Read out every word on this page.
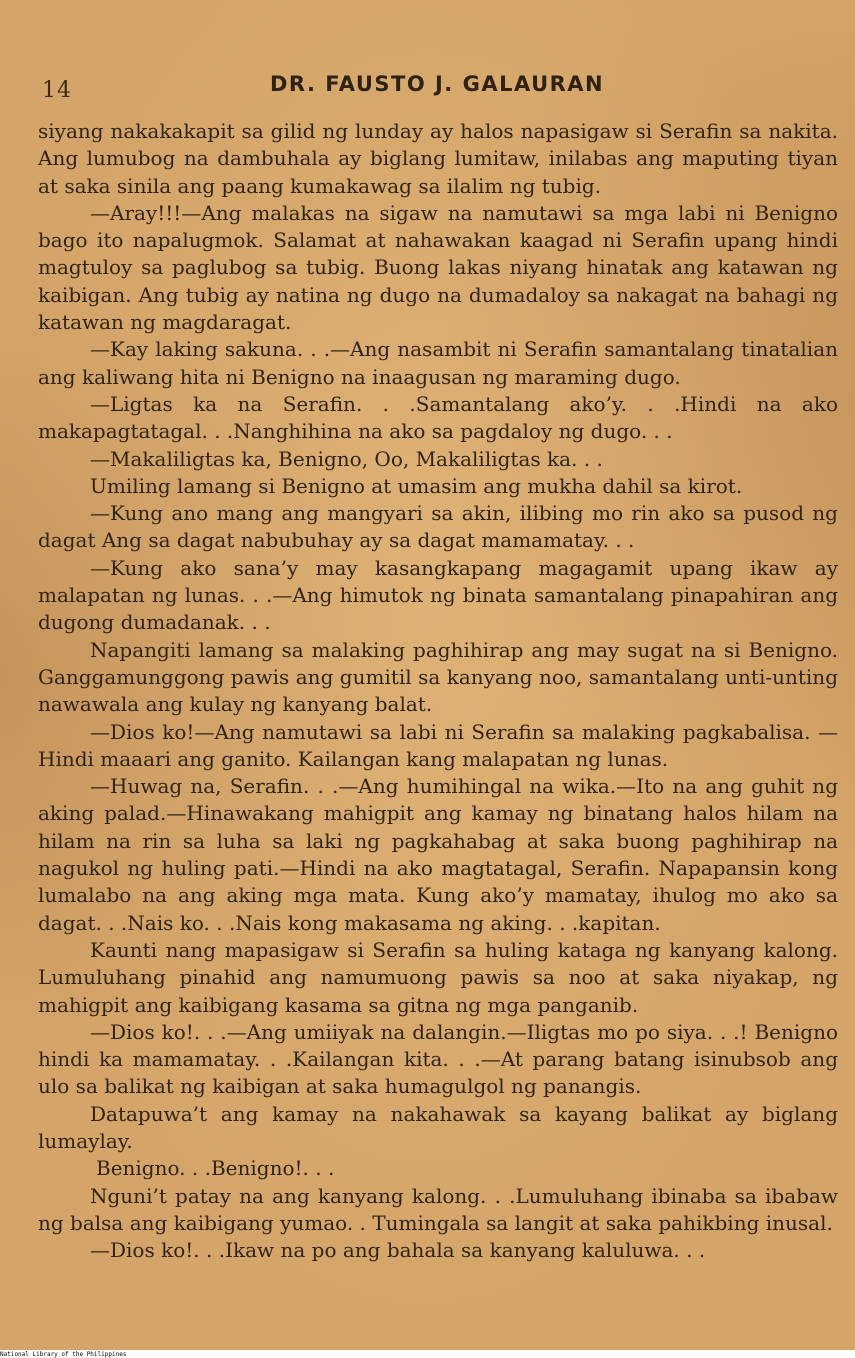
14	DR. FAUSTO J. GALAURAN

siyang nakakakapit sa gilid ng lunday ay halos napasigaw si Serafin sa nakita. Ang lumubog na dambuhala ay biglang lumitaw, inilabas ang maputing tiyan at saka sinila ang paang kumakawag sa ilalim ng tubig.

—Aray!!!—Ang malakas na sigaw na namutawi sa mga labi ni Benigno bago ito napalugmok. Salamat at nahawakan kaagad ni Serafin upang hindi magtuloy sa paglubog sa tubig. Buong lakas niyang hinatak ang katawan ng kaibigan. Ang tubig ay natina ng dugo na dumadaloy sa nakagat na bahagi ng katawan ng magdaragat.

—Kay laking sakuna. . .—Ang nasambit ni Serafin samantalang tinatalian ang kaliwang hita ni Benigno na inaagusan ng maraming dugo.

—Ligtas ka na Serafin. . .Samantalang ako’y. . .Hindi na ako makapagtatagal. . .Nanghihina na ako sa pagdaloy ng dugo. . .

—Makaliligtas ka, Benigno, Oo, Makaliligtas ka. . .

Umiling lamang si Benigno at umasim ang mukha dahil sa kirot.

—Kung ano mang ang mangyari sa akin, ilibing mo rin ako sa pusod ng dagat Ang sa dagat nabubuhay ay sa dagat mamamatay. . .

—Kung ako sana’y may kasangkapang magagamit upang ikaw ay malapatan ng lunas. . .—Ang himutok ng binata samantalang pinapahiran ang dugong dumadanak. . .

Napangiti lamang sa malaking paghihirap ang may sugat na si Benigno. Ganggamunggong pawis ang gumitil sa kanyang noo, samantalang unti-unting nawawala ang kulay ng kanyang balat.

—Dios ko!—Ang namutawi sa labi ni Serafin sa malaking pagkabalisa. —Hindi maaari ang ganito. Kailangan kang malapatan ng lunas.

—Huwag na, Serafin. . .—Ang humihingal na wika.—Ito na ang guhit ng aking palad.—Hinawakang mahigpit ang kamay ng binatang halos hilam na hilam na rin sa luha sa laki ng pagkahabag at saka buong paghihirap na nagukol ng huling pati.—Hindi na ako magtatagal, Serafin. Napapansin kong lumalabo na ang aking mga mata. Kung ako’y mamatay, ihulog mo ako sa dagat. . .Nais ko. . .Nais kong makasama ng aking. . .kapitan.

Kaunti nang mapasigaw si Serafin sa huling kataga ng kanyang kalong. Lumuluhang pinahid ang namumuong pawis sa noo at saka niyakap, ng mahigpit ang kaibigang kasama sa gitna ng mga panganib.

—Dios ko!. . .—Ang umiiyak na dalangin.—Iligtas mo po siya. . .! Benigno hindi ka mamamatay. . .Kailangan kita. . .—At parang batang isinubsob ang ulo sa balikat ng kaibigan at saka humagulgol ng panangis.

Datapuwa’t ang kamay na nakahawak sa kayang balikat ay biglang lumaylay.

Benigno. . .Benigno!. . .

Nguni’t patay na ang kanyang kalong. . .Lumuluhang ibinaba sa ibabaw ng balsa ang kaibigang yumao. . Tumingala sa langit at saka pahikbing inusal.

—Dios ko!. . .Ikaw na po ang bahala sa kanyang kaluluwa. . .

National Library of the Philippines
